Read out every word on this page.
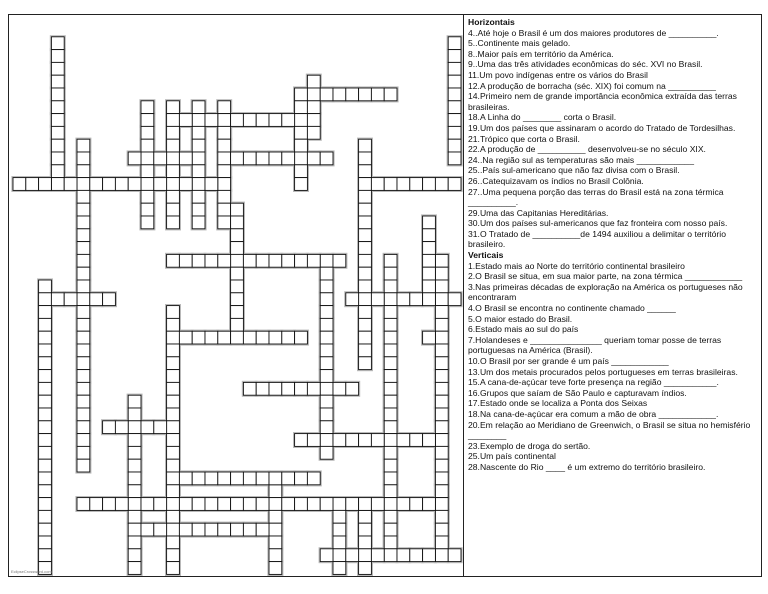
Horizontais
4..Até hoje o Brasil é um dos maiores produtores de __________.
5..Continente mais gelado.
8..Maior país em território da América.
9..Uma das três atividades econômicas do séc. XVI no Brasil.
11.Um povo indígenas entre os vários do Brasil
12.A produção de borracha (séc. XIX) foi comum na __________
14.Primeiro nem de grande importância econômica extraída das terras brasileiras.
18.A Linha do ________ corta o Brasil.
19.Um dos países que assinaram o acordo do Tratado de Tordesilhas.
21.Trópico que corta o Brasil.
22.A produção de __________ desenvolveu-se no século XIX.
24..Na região sul as temperaturas são mais ____________
25..País sul-americano que não faz divisa com o Brasil.
26..Catequizavam os índios no Brasil Colônia.
27..Uma pequena porção das terras do Brasil está na zona térmica __________.
29.Uma das Capitanias Hereditárias.
30.Um dos países sul-americanos que faz fronteira com nosso país.
31.O Tratado de __________de 1494 auxiliou a delimitar o território brasileiro.
Verticais
1.Estado mais ao Norte do território continental brasileiro
2.O Brasil se situa, em sua maior parte, na zona térmica ____________
3.Nas primeiras décadas de exploração na América os portugueses não encontraram
4.O Brasil se encontra no continente chamado ______
5.O maior estado do Brasil.
6.Estado mais ao sul do país
7.Holandeses e _______________ queriam tomar posse de terras portuguesas na América (Brasil).
10.O Brasil por ser grande é um país ____________
13.Um dos metais procurados pelos portugueses em terras brasileiras.
15.A cana-de-açúcar teve forte presença na região ___________.
16.Grupos que saíam de São Paulo e capturavam índios.
17.Estado onde se localiza a Ponta dos Seixas
18.Na cana-de-açúcar era comum a mão de obra ____________.
20.Em relação ao Meridiano de Greenwich, o Brasil se situa no hemisfério ________
23.Exemplo de droga do sertão.
25.Um país continental
28.Nascente do Rio ____ é um extremo do território brasileiro.
EclipseCrossword.com
